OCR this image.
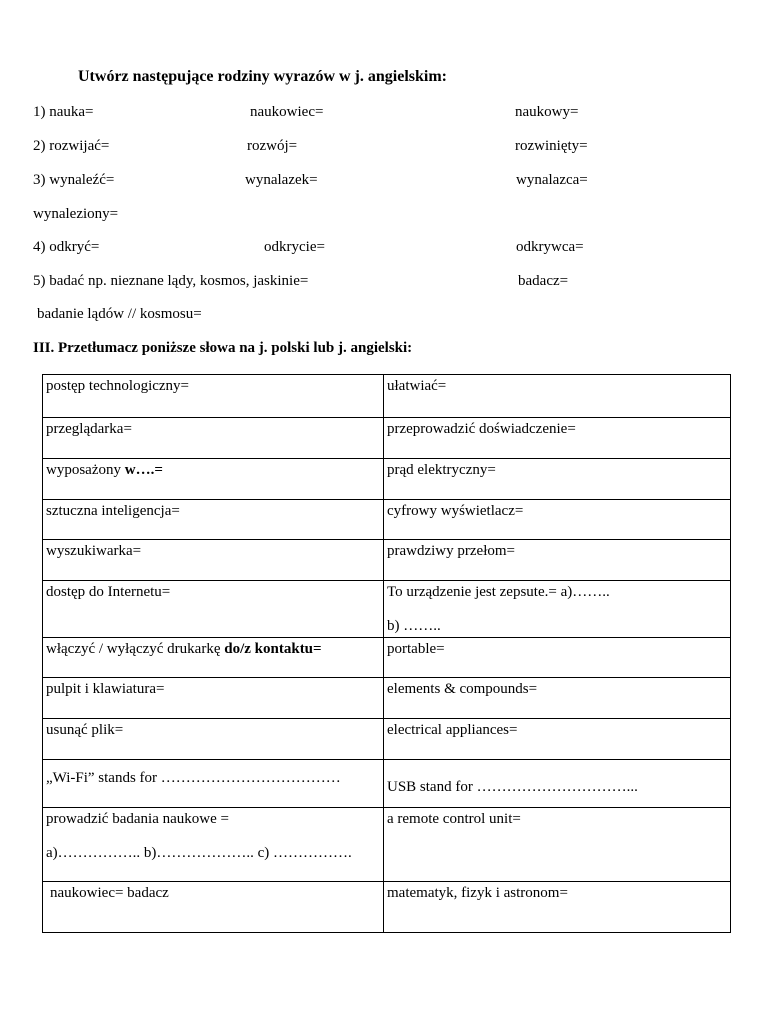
Utwórz następujące rodziny wyrazów w j. angielskim:
1) nauka=	naukowiec=	naukowy=
2) rozwijać=	rozwój=	rozwinięty=
3) wynaleźć=	wynalazek=	wynalazca=
wynaleziony=
4) odkryć=	odkrycie=	odkrywca=
5) badać np. nieznane lądy, kosmos, jaskinie=	badacz=
badanie lądów // kosmosu=
III. Przetłumacz poniższe słowa na j. polski lub j. angielski:
postęp technologiczny=	ułatwiać=
przeglądarka=	przeprowadzić doświadczenie=
wyposażony w….=	prąd elektryczny=
sztuczna inteligencja=	cyfrowy wyświetlacz=
wyszukiwarka=	prawdziwy przełom=
dostęp do Internetu=	To urządzenie jest zepsute.= a)……..
b) ……..

włączyć / wyłączyć drukarkę do/z kontaktu=	portable=
pulpit i klawiatura=	elements & compounds=
usunąć plik=	electrical appliances=
„Wi-Fi” stands for ………………………………	USB stand for …………………………...

prowadzić badania naukowe =
a)…………….. b)……………….. c) …………….	a remote control unit=
naukowiec= badacz	matematyk, fizyk i astronom=
